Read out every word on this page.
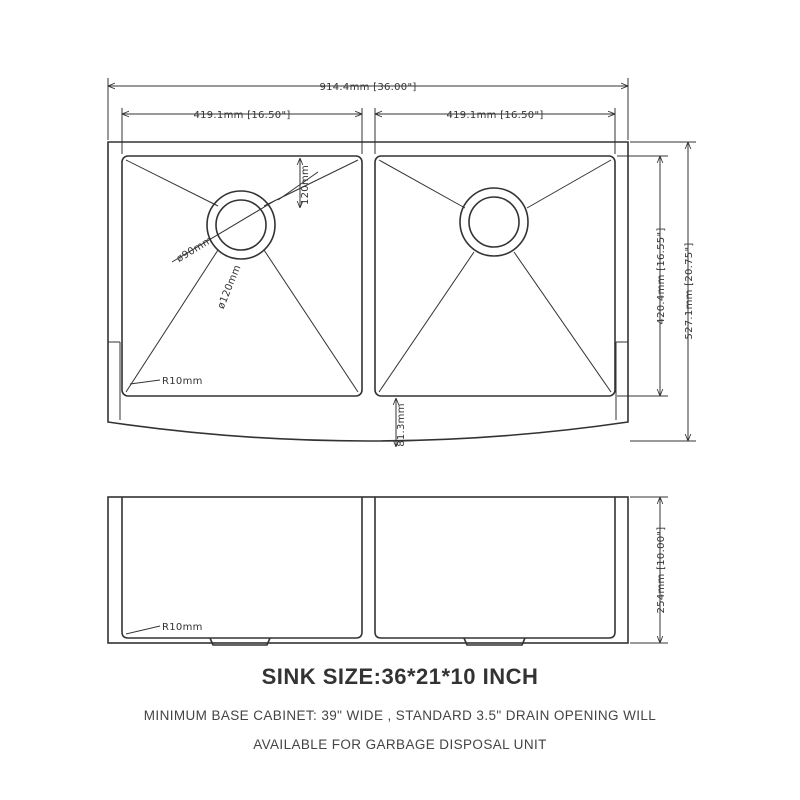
914.4mm [36.00"]
419.1mm [16.50"]	419.1mm [16.50"]
420.4mm [16.55"] 527.1mm [20.75"]
81.3mm
120mm
ø90mm
ø120mm
R10mm
R10mm
254mm [10.00"]
SINK SIZE:36*21*10 INCH
MINIMUM BASE CABINET: 39" WIDE , STANDARD 3.5" DRAIN OPENING WILL
AVAILABLE FOR GARBAGE DISPOSAL UNIT
